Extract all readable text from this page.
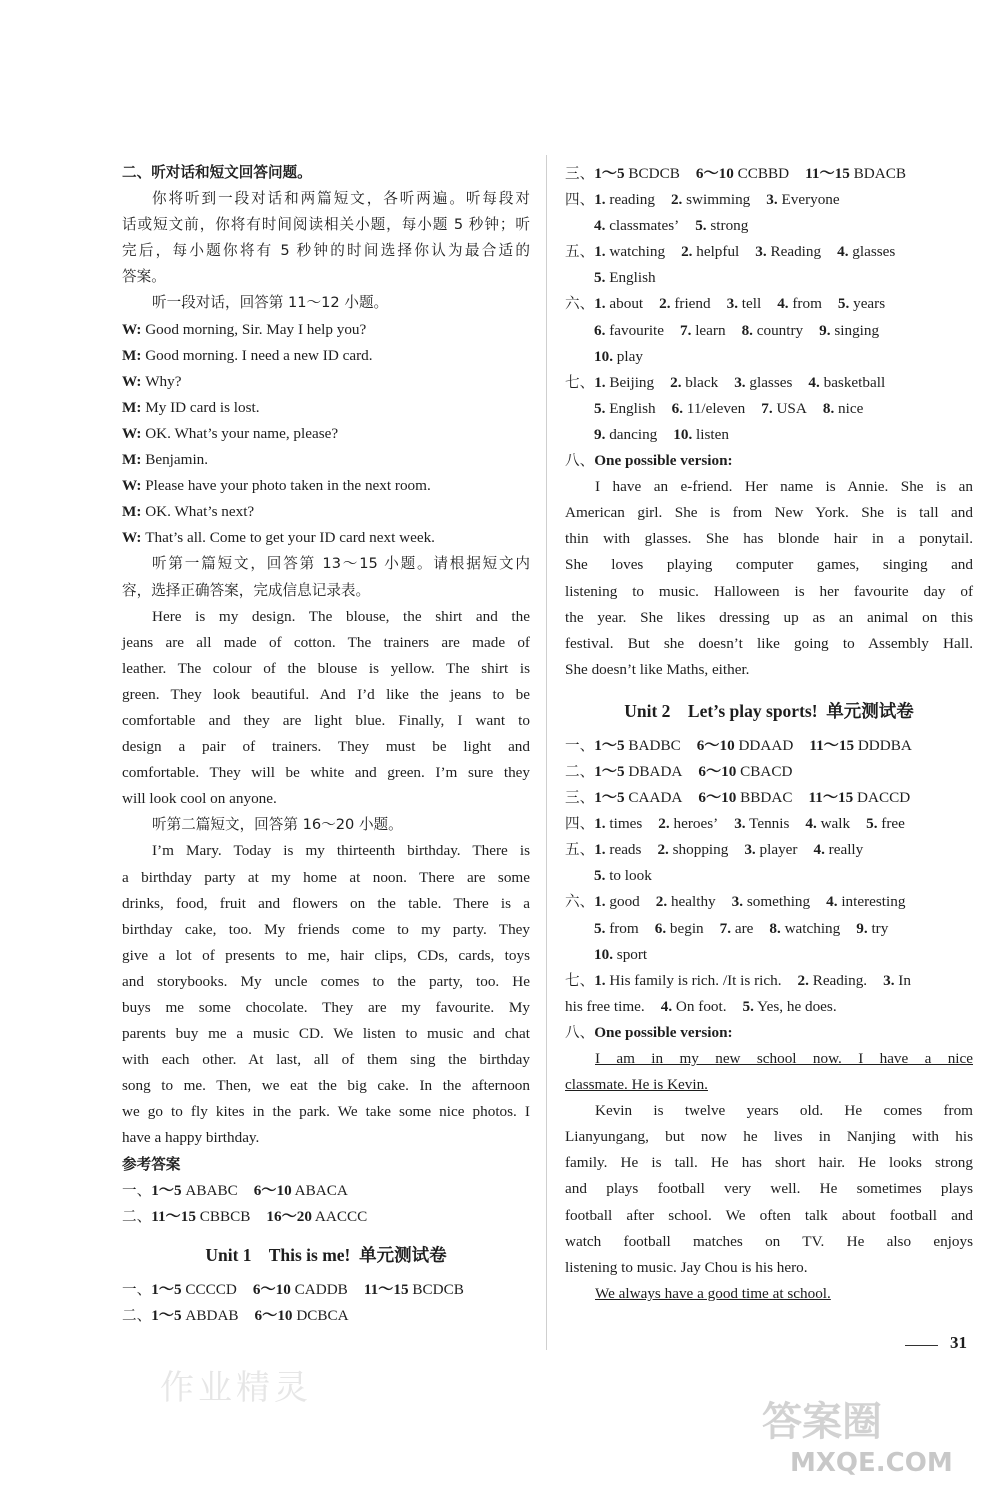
二、听对话和短文回答问题。
你将听到一段对话和两篇短文，各听两遍。听每段对
话或短文前，你将有时间阅读相关小题，每小题 5 秒钟；听
完后，每小题你将有 5 秒钟的时间选择你认为最合适的
答案。
听一段对话，回答第 11～12 小题。
W: Good morning, Sir. May I help you?
M: Good morning. I need a new ID card.
W: Why?
M: My ID card is lost.
W: OK. What’s your name, please?
M: Benjamin.
W: Please have your photo taken in the next room.
M: OK. What’s next?
W: That’s all. Come to get your ID card next week.
听第一篇短文，回答第 13～15 小题。请根据短文内
容，选择正确答案，完成信息记录表。
Here is my design. The blouse, the shirt and the
jeans are all made of cotton. The trainers are made of
leather. The colour of the blouse is yellow. The shirt is
green. They look beautiful. And I’d like the jeans to be
comfortable and they are light blue. Finally, I want to
design a pair of trainers. They must be light and
comfortable. They will be white and green. I’m sure they
will look cool on anyone.
听第二篇短文，回答第 16～20 小题。
I’m Mary. Today is my thirteenth birthday. There is
a birthday party at my home at noon. There are some
drinks, food, fruit and flowers on the table. There is a
birthday cake, too. My friends come to my party. They
give a lot of presents to me, hair clips, CDs, cards, toys
and storybooks. My uncle comes to the party, too. He
buys me some chocolate. They are my favourite. My
parents buy me a music CD. We listen to music and chat
with each other. At last, all of them sing the birthday
song to me. Then, we eat the big cake. In the afternoon
we go to fly kites in the park. We take some nice photos. I
have a happy birthday.
参考答案
一、1～5 ABABC 6～10 ABACA
二、11～15 CBBCB 16～20 AACCC
Unit 1    This is me!  单元测试卷
一、1～5 CCCCD 6～10 CADDB 11～15 BCDCB
二、1～5 ABDAB 6～10 DCBCA
三、1～5 BCDCB 6～10 CCBBD 11～15 BDACB
四、1. reading 2. swimming 3. Everyone
4. classmates’ 5. strong
五、1. watching 2. helpful 3. Reading 4. glasses
5. English
六、1. about 2. friend 3. tell 4. from 5. years
6. favourite 7. learn 8. country 9. singing
10. play
七、1. Beijing 2. black 3. glasses 4. basketball
5. English 6. 11/eleven 7. USA 8. nice
9. dancing 10. listen
八、One possible version:
I have an e-friend. Her name is Annie. She is an
American girl. She is from New York. She is tall and
thin with glasses. She has blonde hair in a ponytail.
She loves playing computer games, singing and
listening to music. Halloween is her favourite day of
the year. She likes dressing up as an animal on this
festival. But she doesn’t like going to Assembly Hall.
She doesn’t like Maths, either.
Unit 2    Let’s play sports!  单元测试卷
一、1～5 BADBC 6～10 DDAAD 11～15 DDDBA
二、1～5 DBADA 6～10 CBACD
三、1～5 CAADA 6～10 BBDAC 11～15 DACCD
四、1. times 2. heroes’ 3. Tennis 4. walk 5. free
五、1. reads 2. shopping 3. player 4. really
5. to look
六、1. good 2. healthy 3. something 4. interesting
5. from 6. begin 7. are 8. watching 9. try
10. sport
七、1. His family is rich. /It is rich. 2. Reading. 3. In
his free time. 4. On foot. 5. Yes, he does.
八、One possible version:
I am in my new school now. I have a nice
classmate. He is Kevin.
Kevin is twelve years old. He comes from
Lianyungang, but now he lives in Nanjing with his
family. He is tall. He has short hair. He looks strong
and plays football very well. He sometimes plays
football after school. We often talk about football and
watch football matches on TV. He also enjoys
listening to music. Jay Chou is his hero.
We always have a good time at school.
31
作业精灵
答案圈
MXQE.COM
